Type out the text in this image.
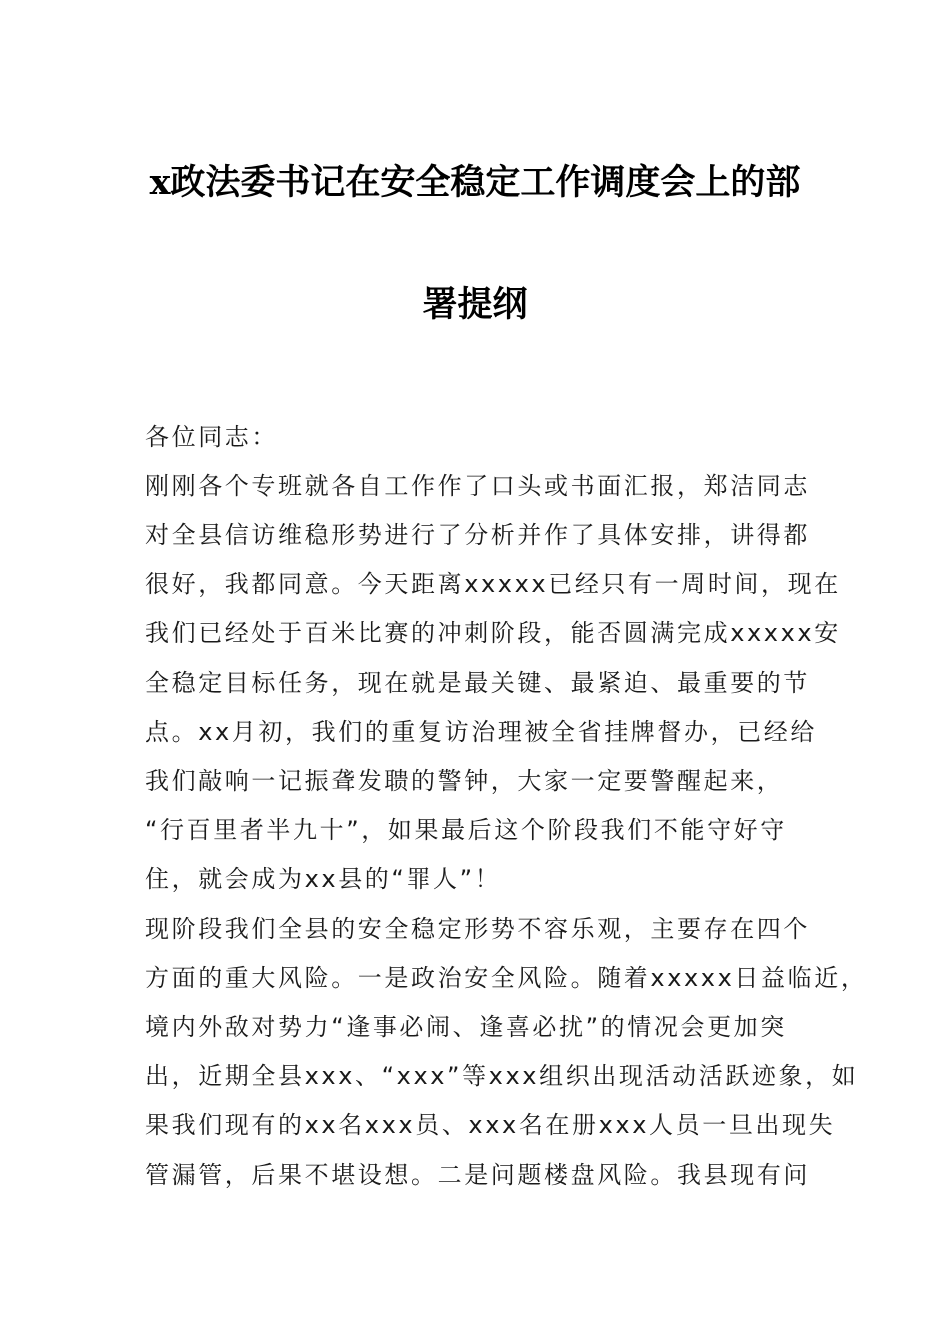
x政法委书记在安全稳定工作调度会上的部
署提纲
各位同志：
刚刚各个专班就各自工作作了口头或书面汇报，郑洁同志
对全县信访维稳形势进行了分析并作了具体安排，讲得都
很好，我都同意。今天距离xxxxx已经只有一周时间，现在
我们已经处于百米比赛的冲刺阶段，能否圆满完成xxxxx安
全稳定目标任务，现在就是最关键、最紧迫、最重要的节
点。xx月初，我们的重复访治理被全省挂牌督办，已经给
我们敲响一记振聋发聩的警钟，大家一定要警醒起来，
“行百里者半九十”，如果最后这个阶段我们不能守好守
住，就会成为xx县的“罪人”！
现阶段我们全县的安全稳定形势不容乐观，主要存在四个
方面的重大风险。一是政治安全风险。随着xxxxx日益临近，
境内外敌对势力“逢事必闹、逢喜必扰”的情况会更加突
出，近期全县xxx、“xxx”等xxx组织出现活动活跃迹象，如
果我们现有的xx名xxx员、xxx名在册xxx人员一旦出现失
管漏管，后果不堪设想。二是问题楼盘风险。我县现有问
